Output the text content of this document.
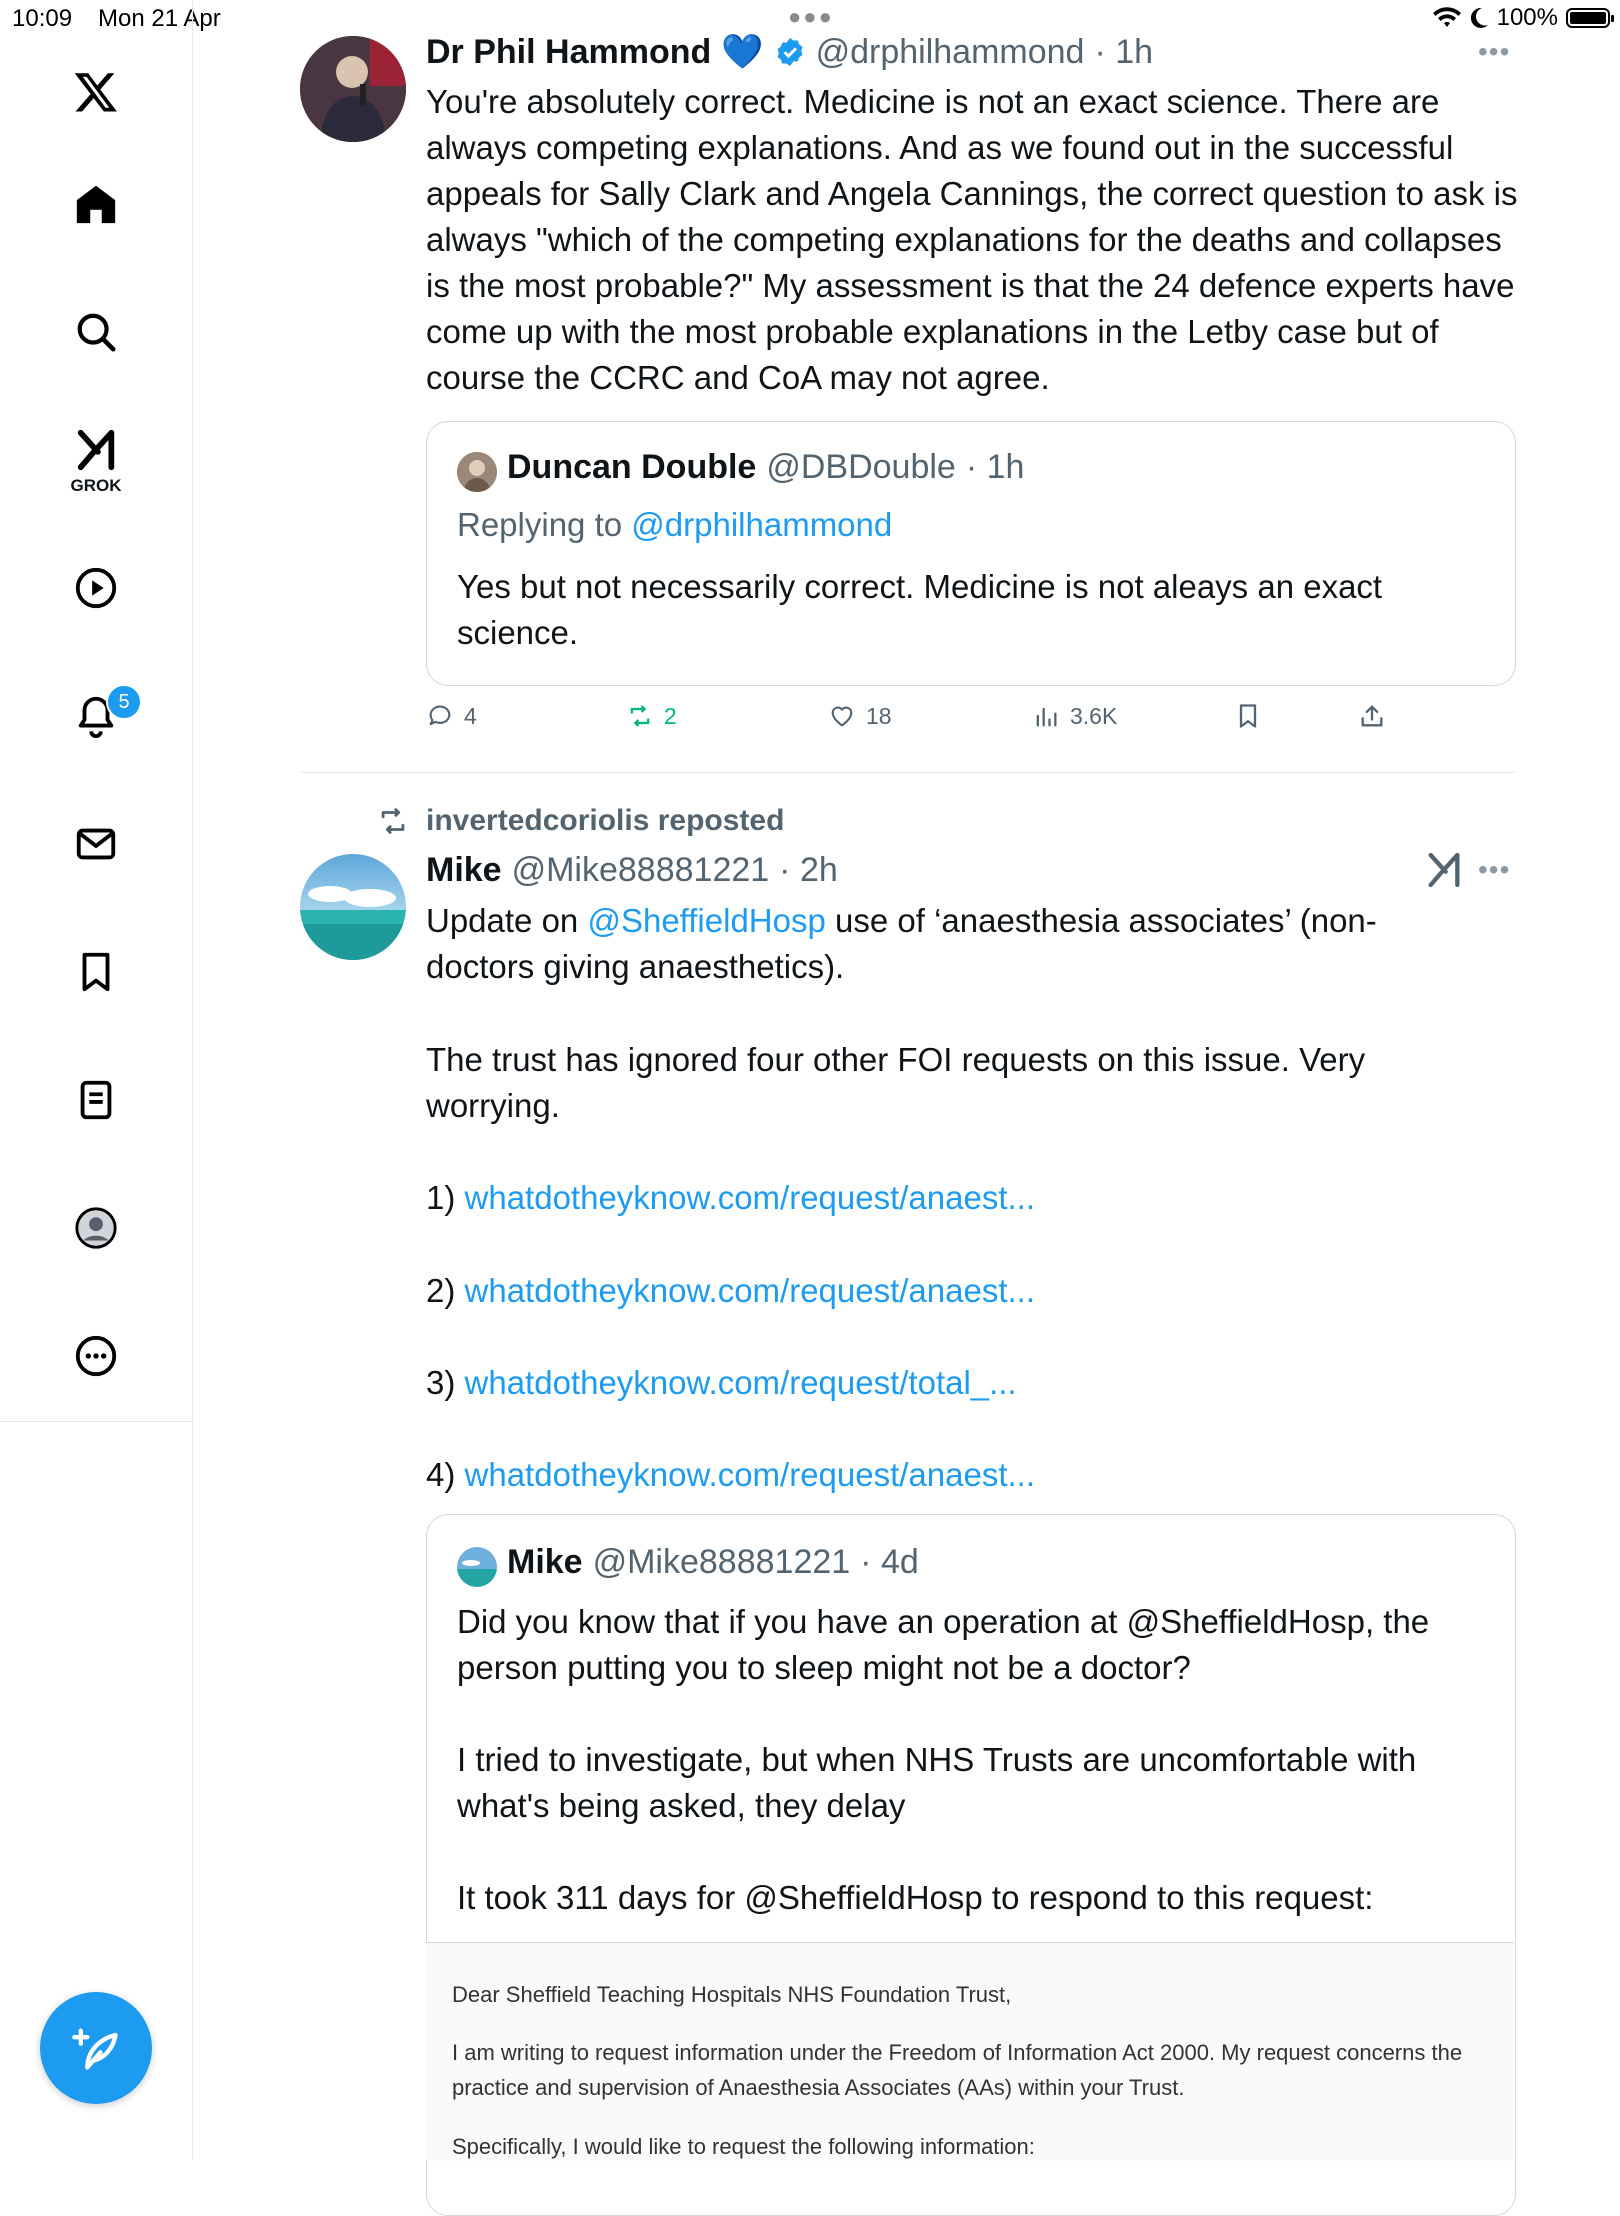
10:09 Mon 21 Apr	●●●	100%
GROK
5
Dr Phil Hammond 💙 @drphilhammond · 1h	•••
You're absolutely correct. Medicine is not an exact science. There are always competing explanations. And as we found out in the successful appeals for Sally Clark and Angela Cannings, the correct question to ask is always "which of the competing explanations for the deaths and collapses is the most probable?" My assessment is that the 24 defence experts have come up with the most probable explanations in the Letby case but of course the CCRC and CoA may not agree.
Duncan Double @DBDouble · 1h
Replying to @drphilhammond
Yes but not necessarily correct. Medicine is not aleays an exact science.
4	2	18	3.6K
invertedcoriolis reposted
Mike @Mike88881221 · 2h	•••
Update on @SheffieldHosp use of ‘anaesthesia associates’ (non-
doctors giving anaesthetics).
The trust has ignored four other FOI requests on this issue. Very worrying.
1) whatdotheyknow.com/request/anaest...
2) whatdotheyknow.com/request/anaest...
3) whatdotheyknow.com/request/total_...
4) whatdotheyknow.com/request/anaest...
Mike @Mike88881221 · 4d
Did you know that if you have an operation at @SheffieldHosp, the person putting you to sleep might not be a doctor?
I tried to investigate, but when NHS Trusts are uncomfortable with what's being asked, they delay
It took 311 days for @SheffieldHosp to respond to this request:
Dear Sheffield Teaching Hospitals NHS Foundation Trust,
I am writing to request information under the Freedom of Information Act 2000. My request concerns the practice and supervision of Anaesthesia Associates (AAs) within your Trust.
Specifically, I would like to request the following information:
